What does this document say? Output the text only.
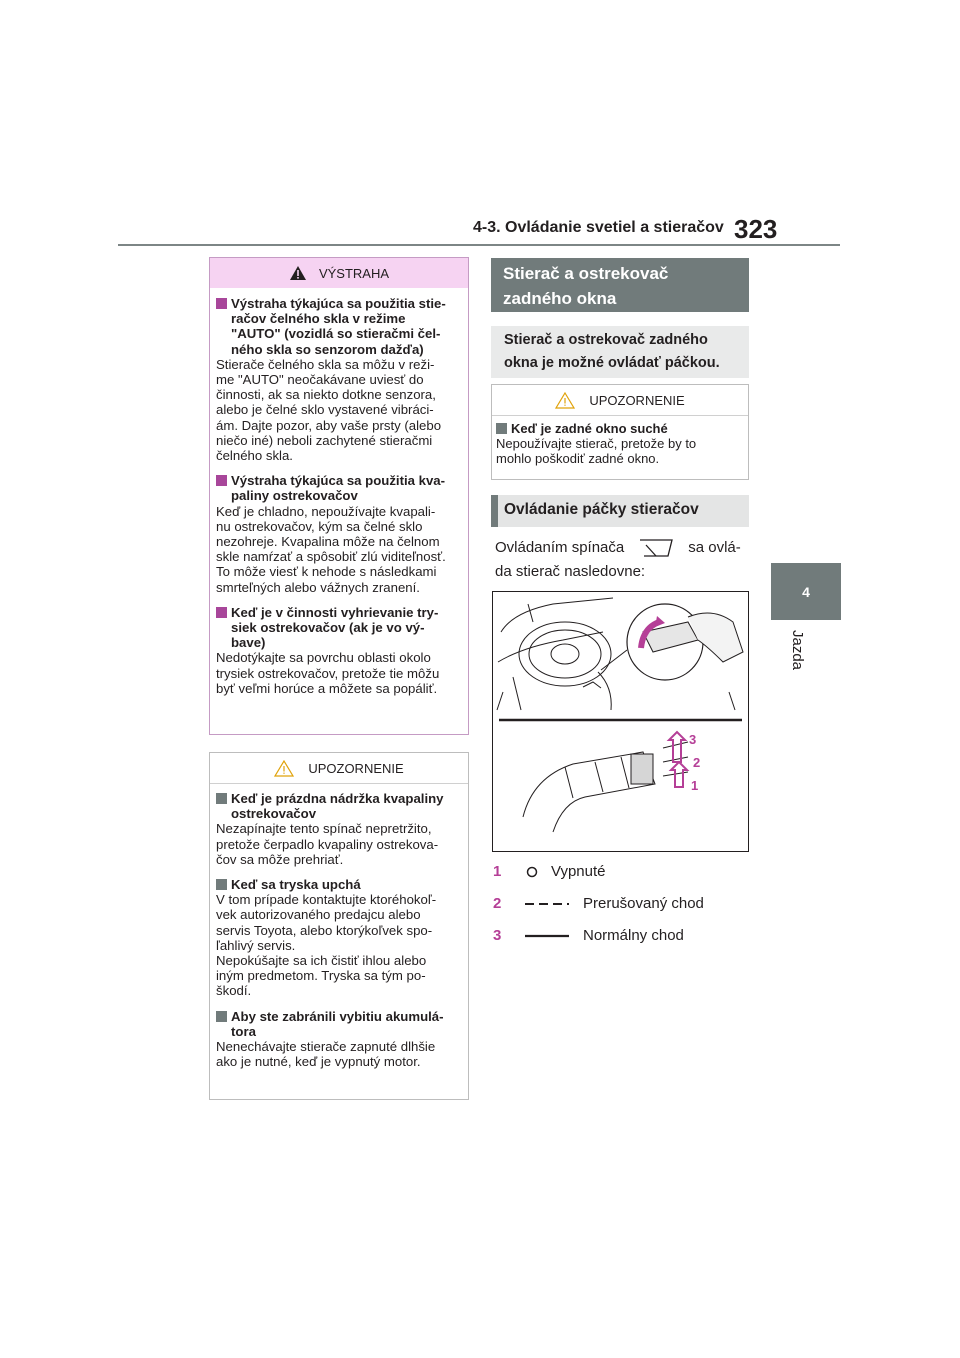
4-3. Ovládanie svetiel a stieračov 323
4
Jazda
VÝSTRAHA
Výstraha týkajúca sa použitia stie-
račov čelného skla v režime
"AUTO" (vozidlá so stieračmi čel-
ného skla so senzorom dažďa)
Stierače čelného skla sa môžu v reži-
me "AUTO" neočakávane uviesť do
činnosti, ak sa niekto dotkne senzora,
alebo je čelné sklo vystavené vibráci-
ám. Dajte pozor, aby vaše prsty (alebo
niečo iné) neboli zachytené stieračmi
čelného skla.
Výstraha týkajúca sa použitia kva-
paliny ostrekovačov
Keď je chladno, nepoužívajte kvapali-
nu ostrekovačov, kým sa čelné sklo
nezohreje. Kvapalina môže na čelnom
skle namŕzať a spôsobiť zlú viditeľnosť.
To môže viesť k nehode s následkami
smrteľných alebo vážnych zranení.
Keď je v činnosti vyhrievanie try-
siek ostrekovačov (ak je vo vý-
bave)
Nedotýkajte sa povrchu oblasti okolo
trysiek ostrekovačov, pretože tie môžu
byť veľmi horúce a môžete sa popáliť.
UPOZORNENIE
Keď je prázdna nádržka kvapaliny
ostrekovačov
Nezapínajte tento spínač nepretržito,
pretože čerpadlo kvapaliny ostrekova-
čov sa môže prehriať.
Keď sa tryska upchá
V tom prípade kontaktujte ktoréhokoľ-
vek autorizovaného predajcu alebo
servis Toyota, alebo ktorýkoľvek spo-
ľahlivý servis.
Nepokúšajte sa ich čistiť ihlou alebo
iným predmetom. Tryska sa tým po-
škodí.
Aby ste zabránili vybitiu akumulá-
tora
Nenechávajte stierače zapnuté dlhšie
ako je nutné, keď je vypnutý motor.
Stierač a ostrekovač
zadného okna
Stierač a ostrekovač zadného
okna je možné ovládať páčkou.
UPOZORNENIE
Keď je zadné okno suché
Nepoužívajte stierač, pretože by to
mohlo poškodiť zadné okno.
Ovládanie páčky stieračov
Ovládaním spínača	sa ovlá-
da stierač nasledovne:
3
2
1
1	Vypnuté
2	Prerušovaný chod
3	Normálny chod
